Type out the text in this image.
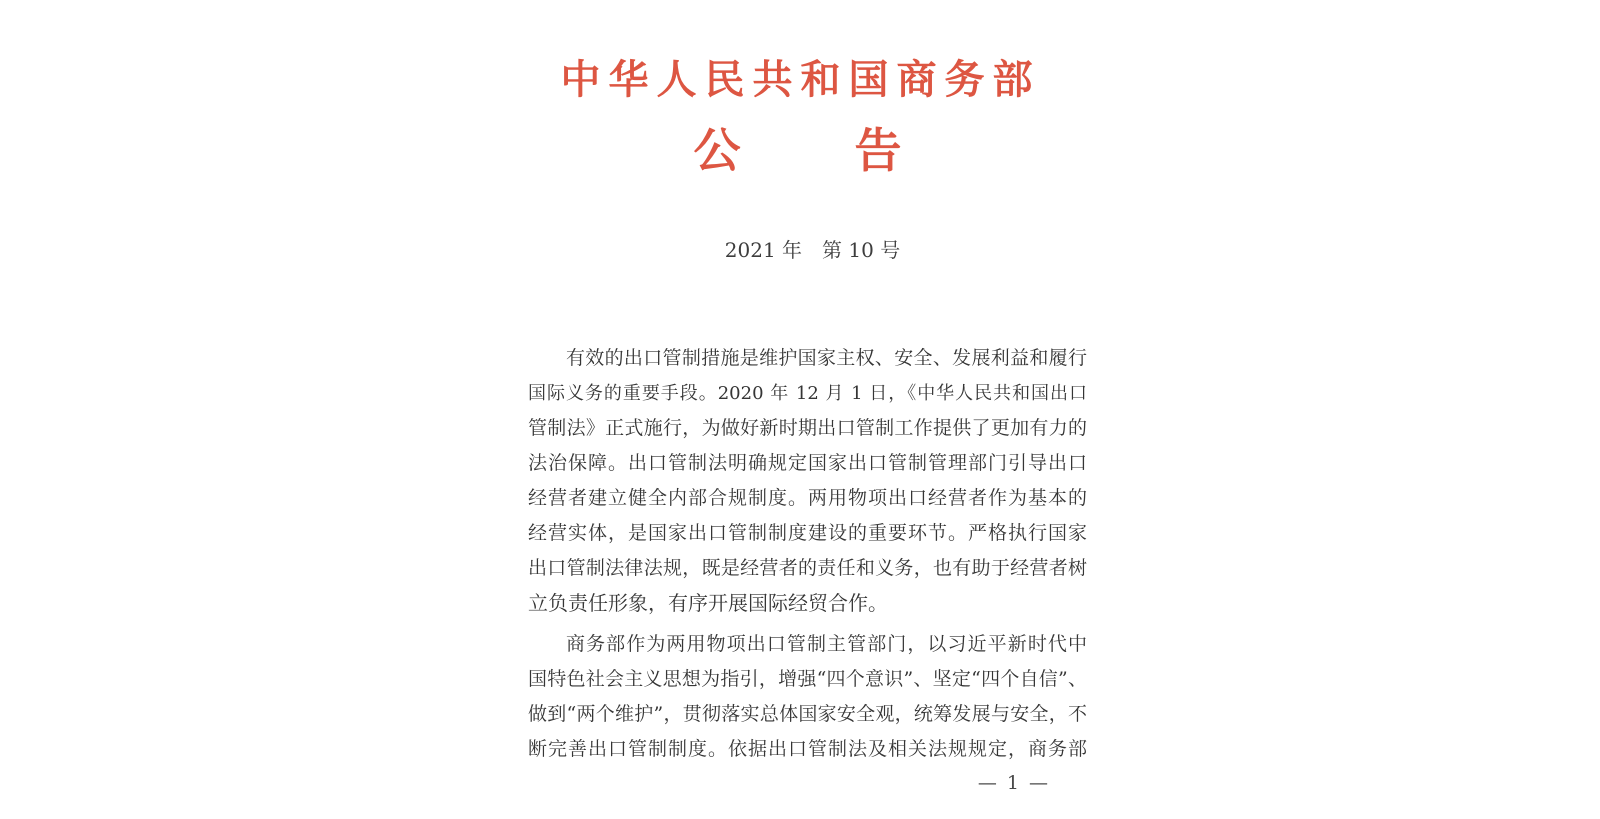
中华人民共和国商务部
公 告
2021 年　第 10 号
有效的出口管制措施是维护国家主权、安全、发展利益和履行
国际义务的重要手段。2020 年 12 月 1 日，《中华人民共和国出口
管制法》正式施行，为做好新时期出口管制工作提供了更加有力的
法治保障。出口管制法明确规定国家出口管制管理部门引导出口
经营者建立健全内部合规制度。两用物项出口经营者作为基本的
经营实体，是国家出口管制制度建设的重要环节。严格执行国家
出口管制法律法规，既是经营者的责任和义务，也有助于经营者树
立负责任形象，有序开展国际经贸合作。
商务部作为两用物项出口管制主管部门，以习近平新时代中
国特色社会主义思想为指引，增强“四个意识”、坚定“四个自信”、
做到“两个维护”，贯彻落实总体国家安全观，统筹发展与安全，不
断完善出口管制制度。依据出口管制法及相关法规规定，商务部
— 1 —
